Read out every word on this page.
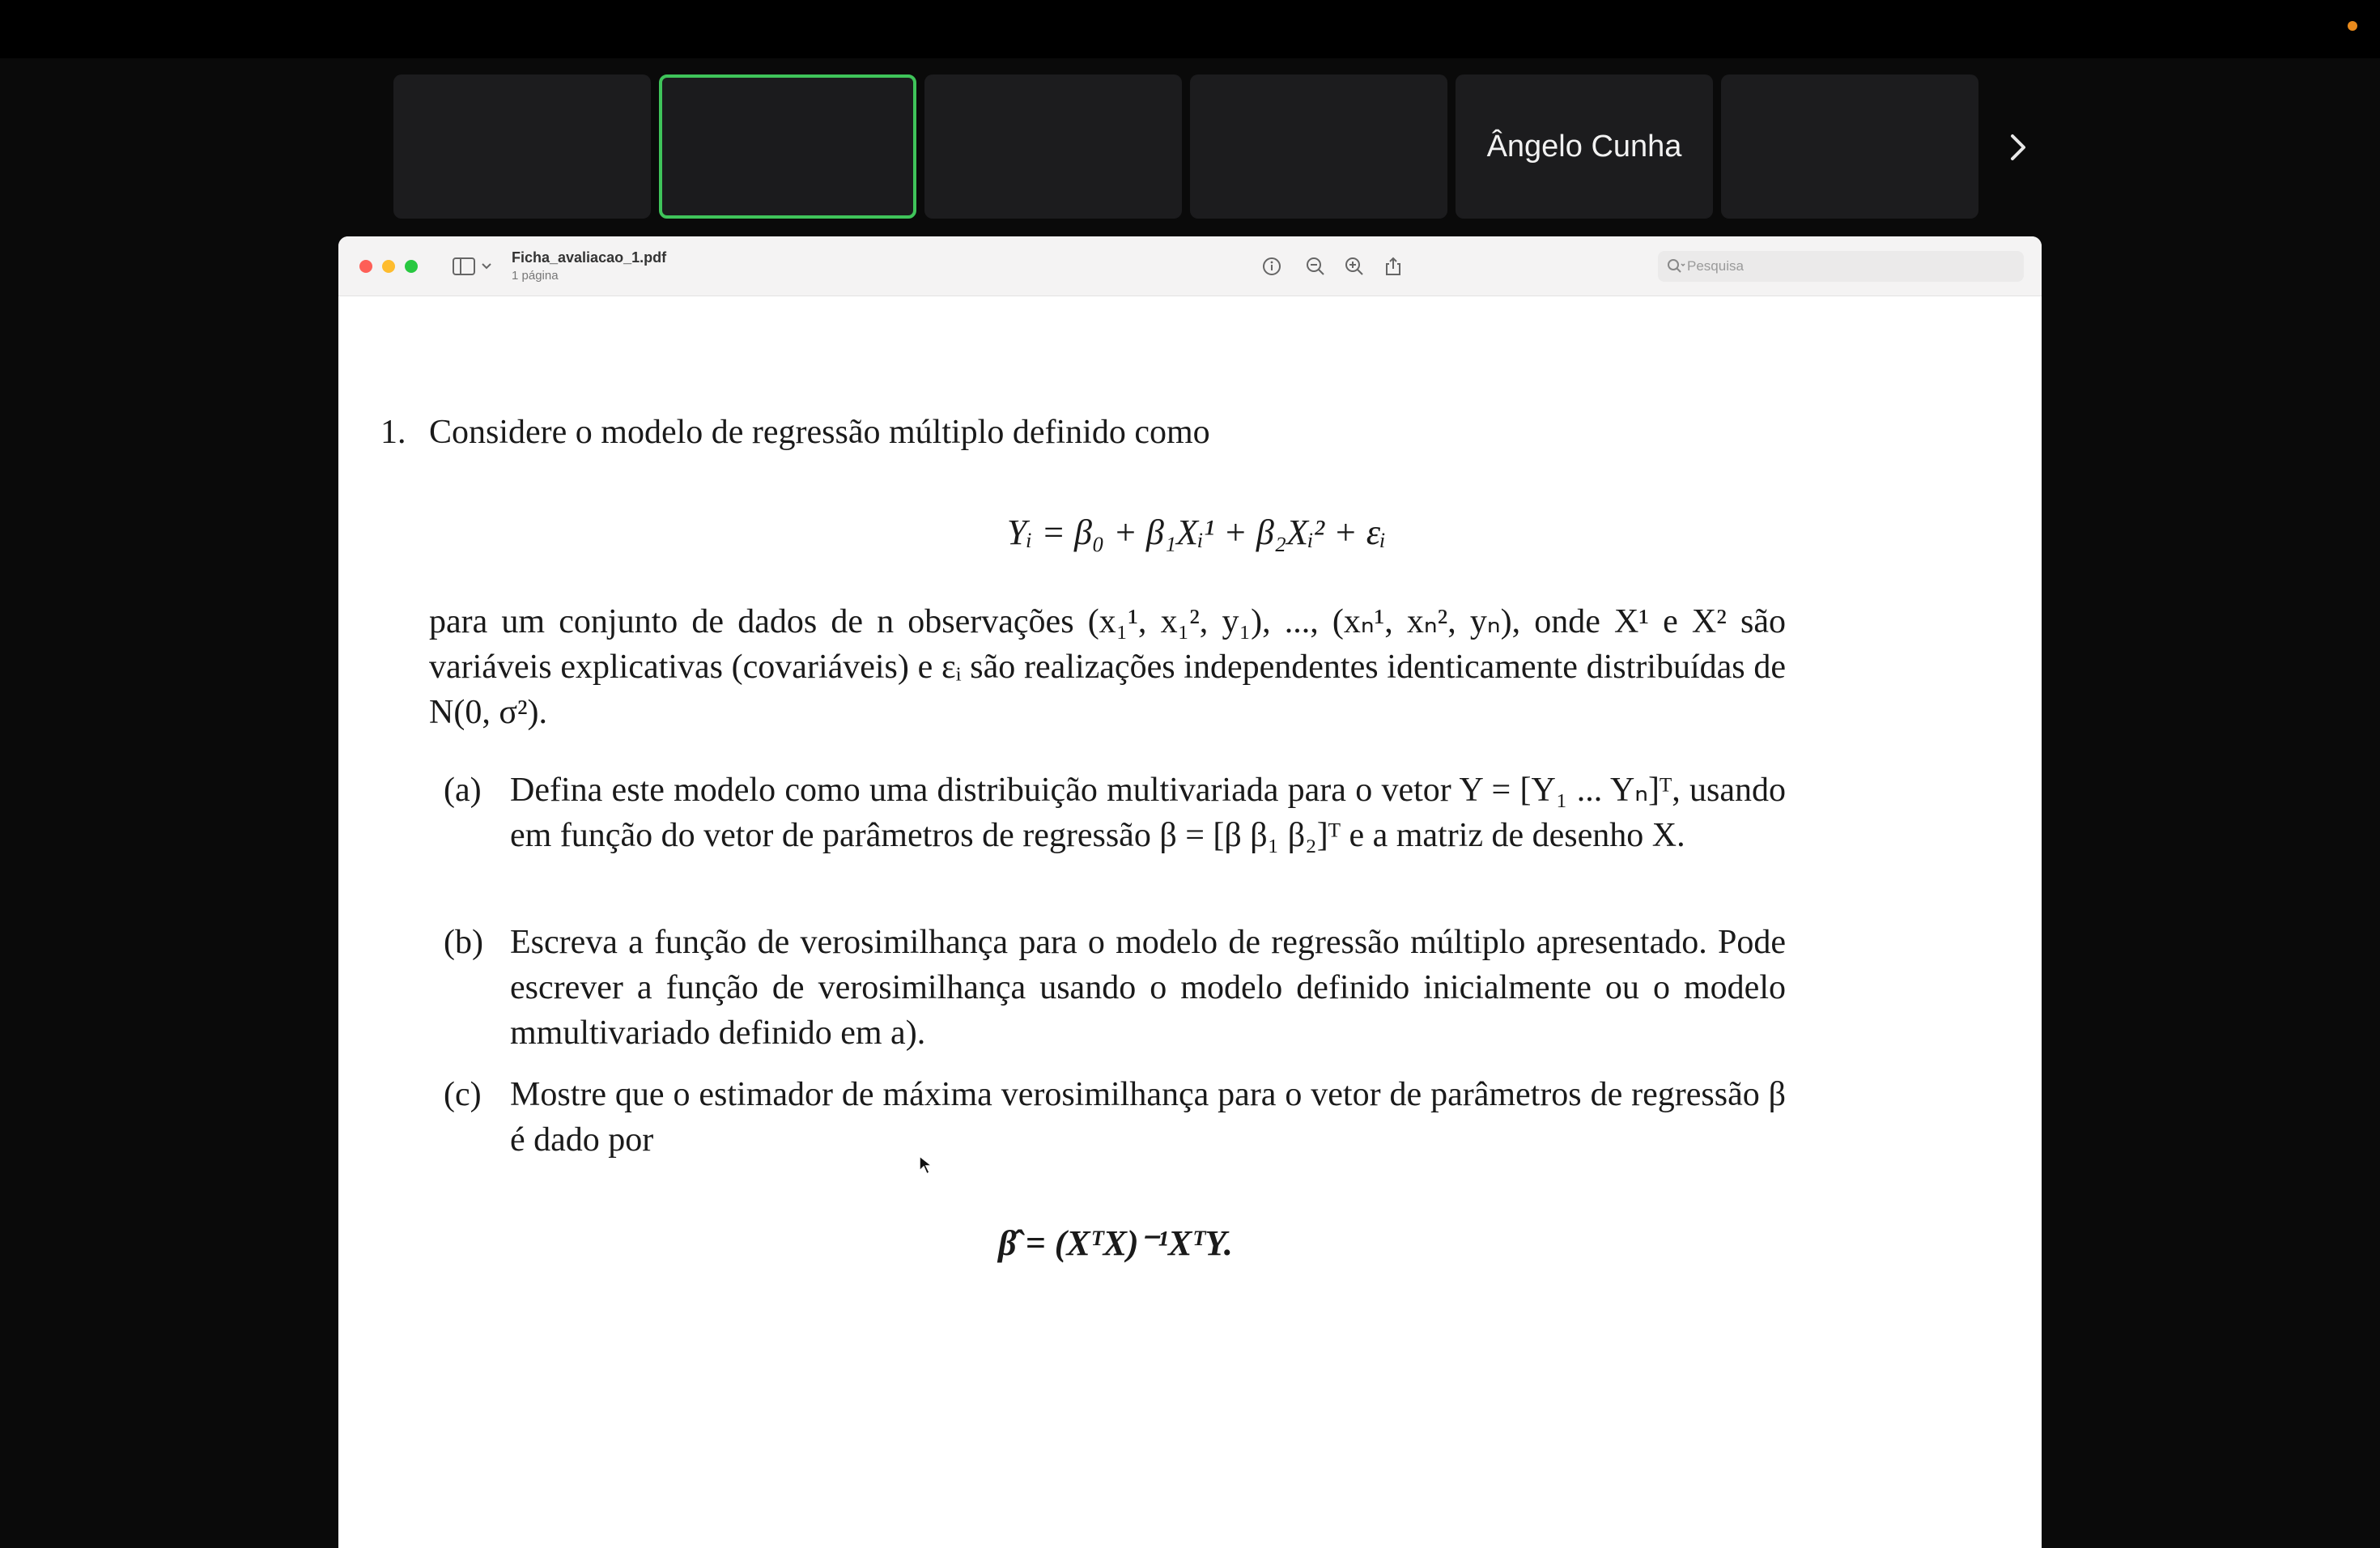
Ângelo Cunha
Ficha_avaliacao_1.pdf
1 página
Pesquisa
1. Considere o modelo de regressão múltiplo definido como
Yᵢ = β₀ + β₁Xᵢ¹ + β₂Xᵢ² + εᵢ
para um conjunto de dados de n observações (x₁¹, x₁², y₁), ..., (xₙ¹, xₙ², yₙ), onde X¹ e X² são variáveis explicativas (covariáveis) e εᵢ são realizações independentes identicamente distribuídas de N(0, σ²).
(a) Defina este modelo como uma distribuição multivariada para o vetor Y = [Y₁ ... Yₙ]ᵀ, usando em função do vetor de parâmetros de regressão β = [β β₁ β₂]ᵀ e a matriz de desenho X.
(b) Escreva a função de verosimilhança para o modelo de regressão múltiplo apresentado. Pode escrever a função de verosimilhança usando o modelo definido inicialmente ou o modelo mmultivariado definido em a).
(c) Mostre que o estimador de máxima verosimilhança para o vetor de parâmetros de regressão β é dado por
β̂ = (XᵀX)⁻¹XᵀY.
